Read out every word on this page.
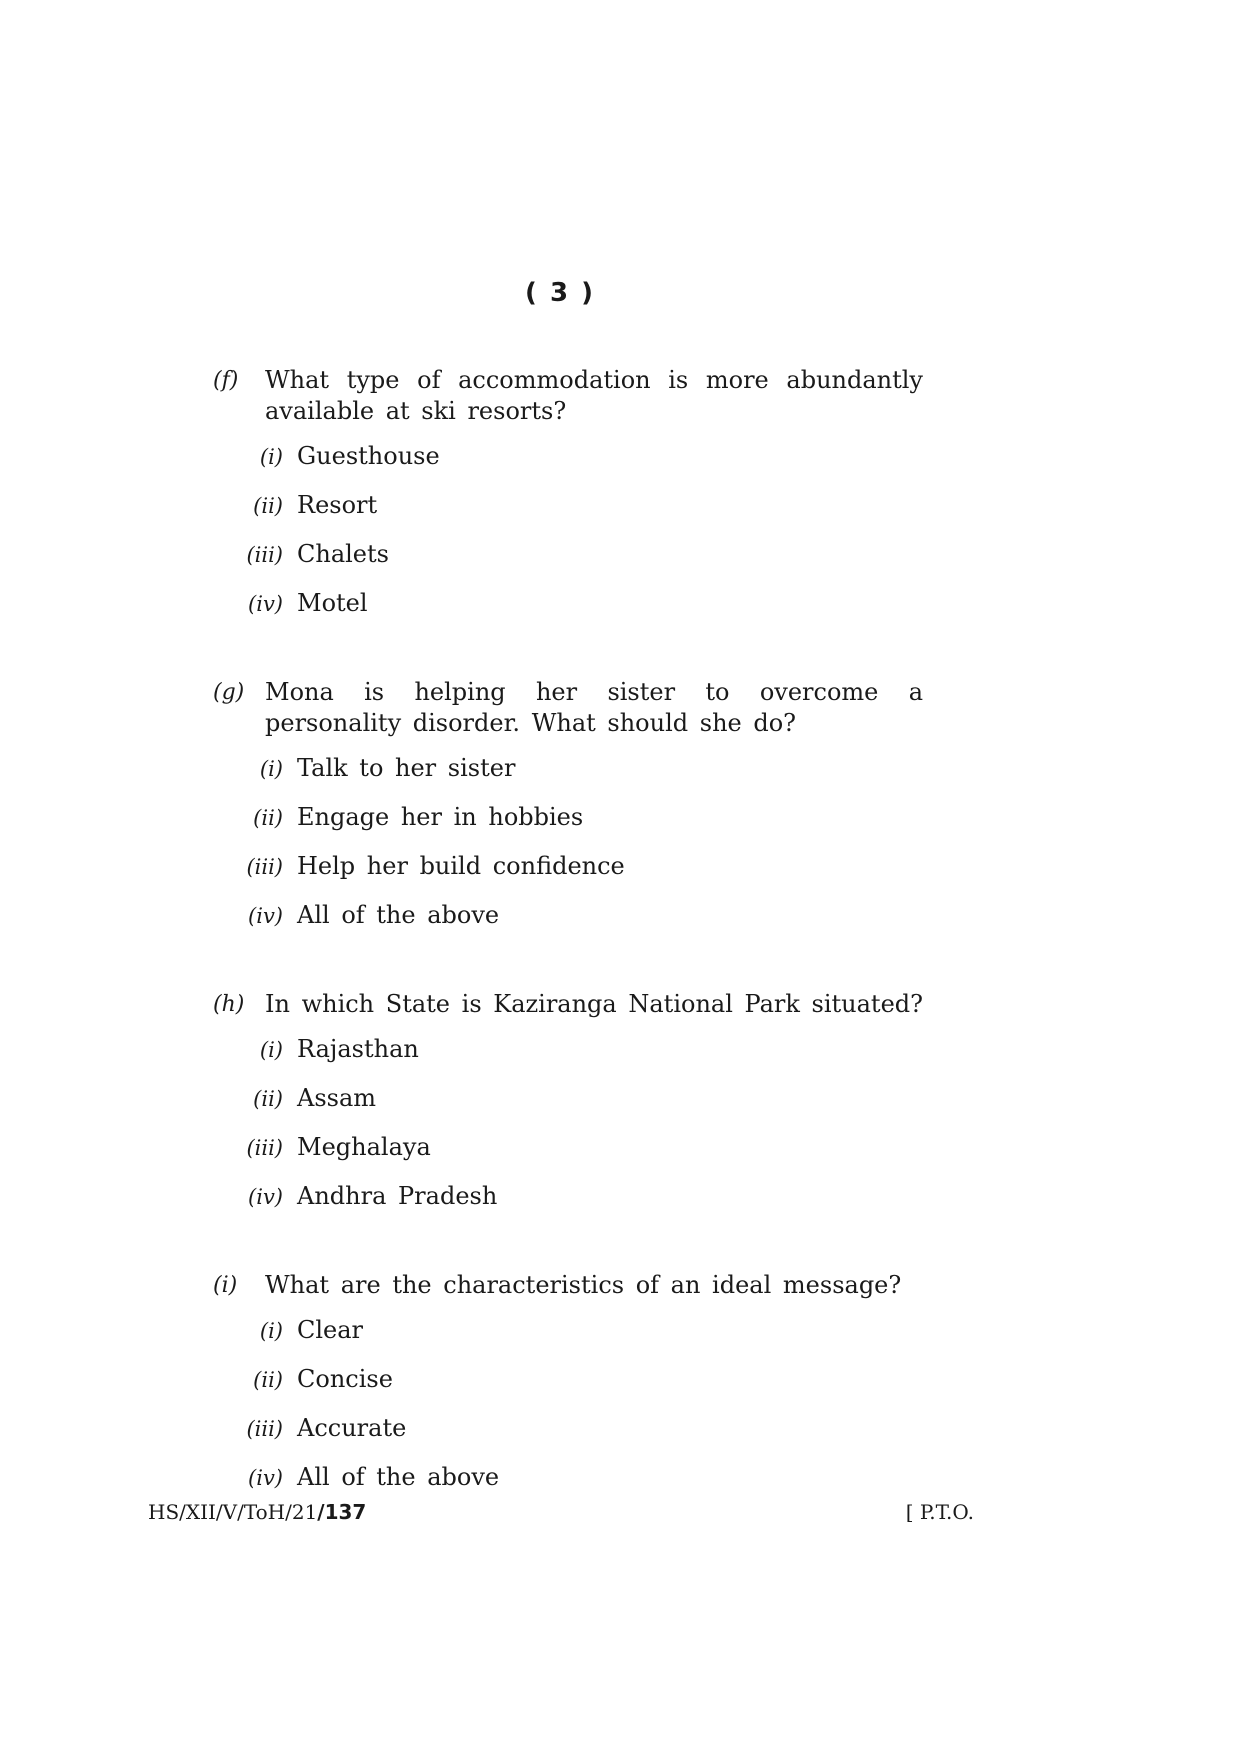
( 3 )
(f)	What type of accommodation is more abundantly available at ski resorts?
(i) Guesthouse
(ii) Resort
(iii) Chalets
(iv) Motel
(g) Mona is helping her sister to overcome a personality disorder. What should she do?
(i) Talk to her sister
(ii) Engage her in hobbies
(iii) Help her build confidence
(iv) All of the above
(h) In which State is Kaziranga National Park situated?
(i) Rajasthan
(ii) Assam
(iii) Meghalaya
(iv) Andhra Pradesh
(i)	What are the characteristics of an ideal message?
(i) Clear
(ii) Concise
(iii) Accurate
(iv) All of the above
HS/XII/V/ToH/21/137	[ P.T.O.
